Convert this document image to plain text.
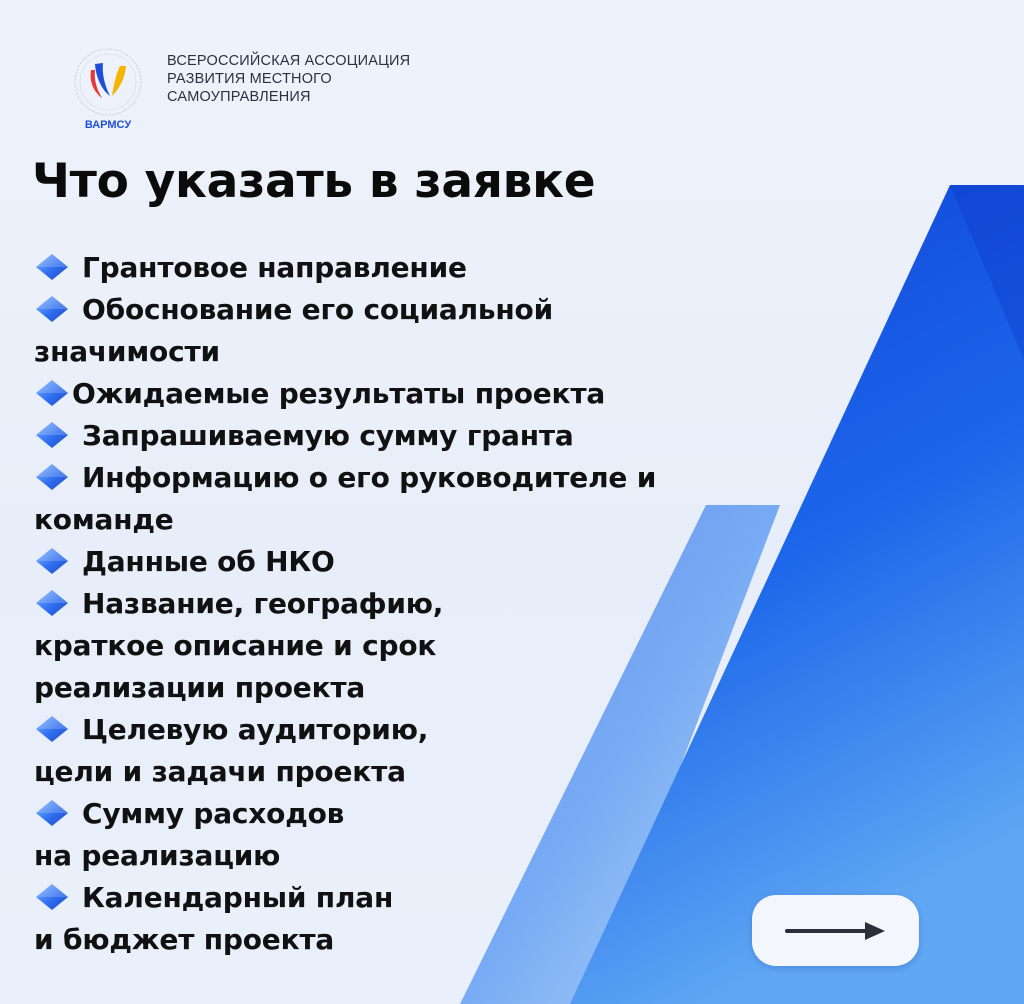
ВАРМСУ

ВСЕРОССИЙСКАЯ АССОЦИАЦИЯ
РАЗВИТИЯ МЕСТНОГО
САМОУПРАВЛЕНИЯ

Что указать в заявке
Грантовое направление
Обоснование его социальной
значимости
Ожидаемые результаты проекта
Запрашиваемую сумму гранта
Информацию о его руководителе и
команде
Данные об НКО
Название, географию,
краткое описание и срок
реализации проекта
Целевую аудиторию,
цели и задачи проекта
Сумму расходов
на реализацию
Календарный план
и бюджет проекта
